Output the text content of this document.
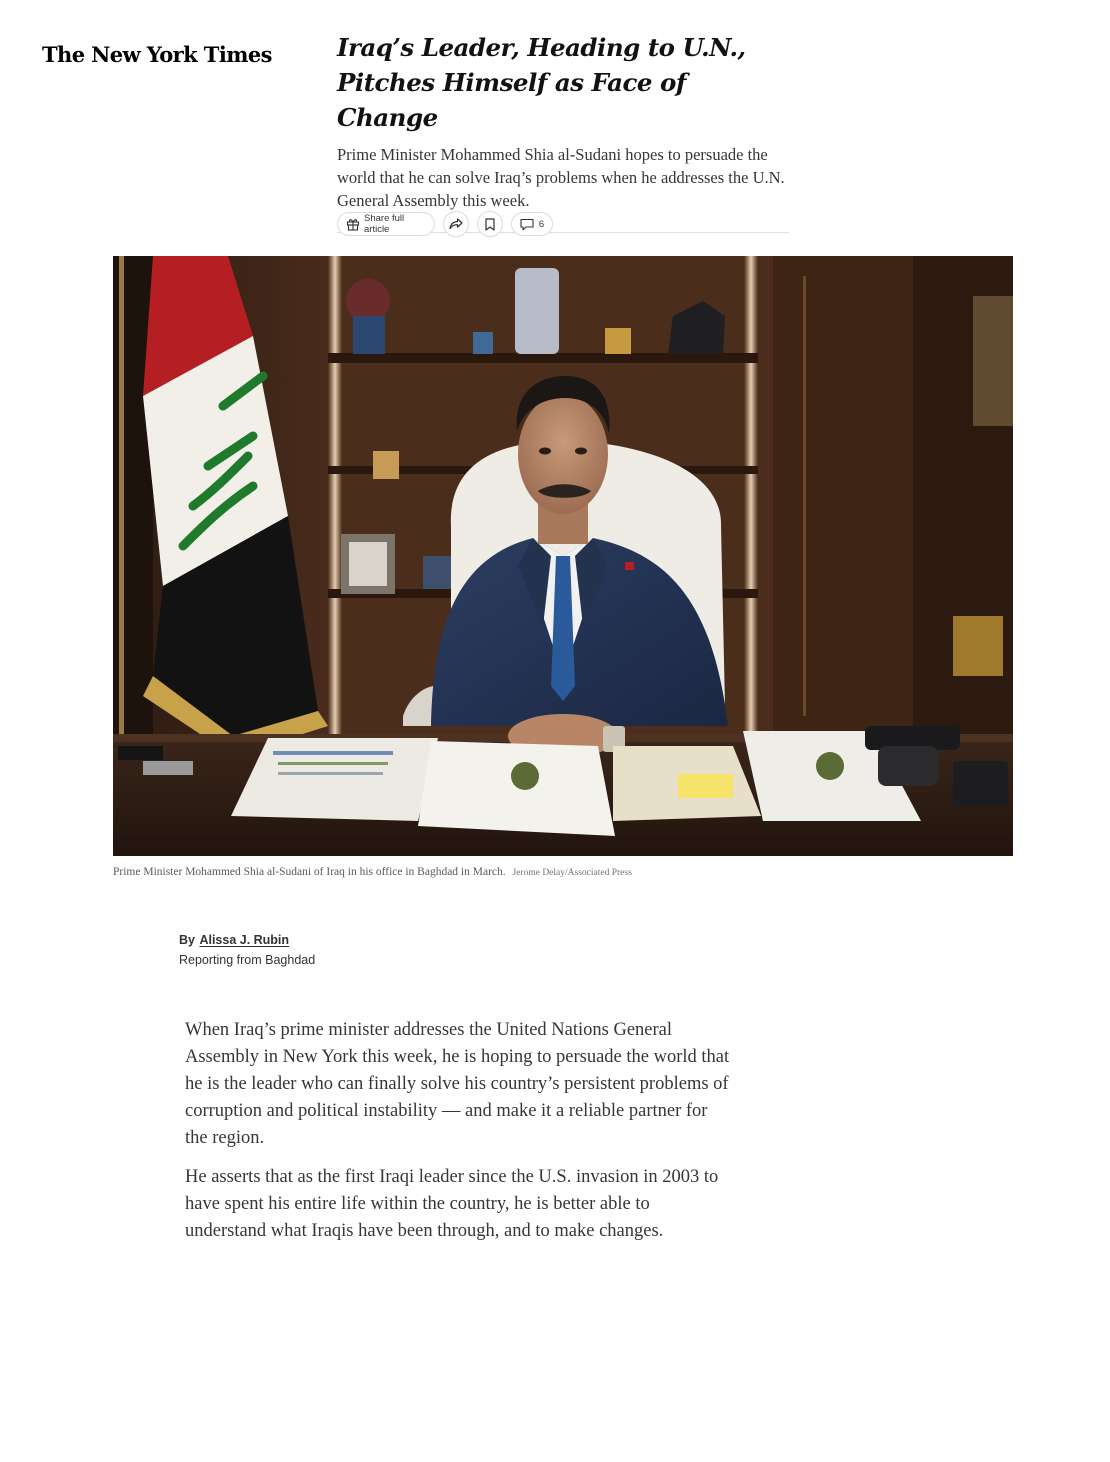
The New York Times	Iraq’s Leader, Heading to U.N., Pitches Himself as Face of Change

Prime Minister Mohammed Shia al-Sudani hopes to persuade the world that he can solve Iraq’s problems when he addresses the U.N. General Assembly this week.

Share full article	6
Prime Minister Mohammed Shia al-Sudani of Iraq in his office in Baghdad in March. Jerome Delay/Associated Press
By Alissa J. Rubin
Reporting from Baghdad

When Iraq’s prime minister addresses the United Nations General Assembly in New York this week, he is hoping to persuade the world that he is the leader who can finally solve his country’s persistent problems of corruption and political instability — and make it a reliable partner for the region.

He asserts that as the first Iraqi leader since the U.S. invasion in 2003 to have spent his entire life within the country, he is better able to understand what Iraqis have been through, and to make changes.
